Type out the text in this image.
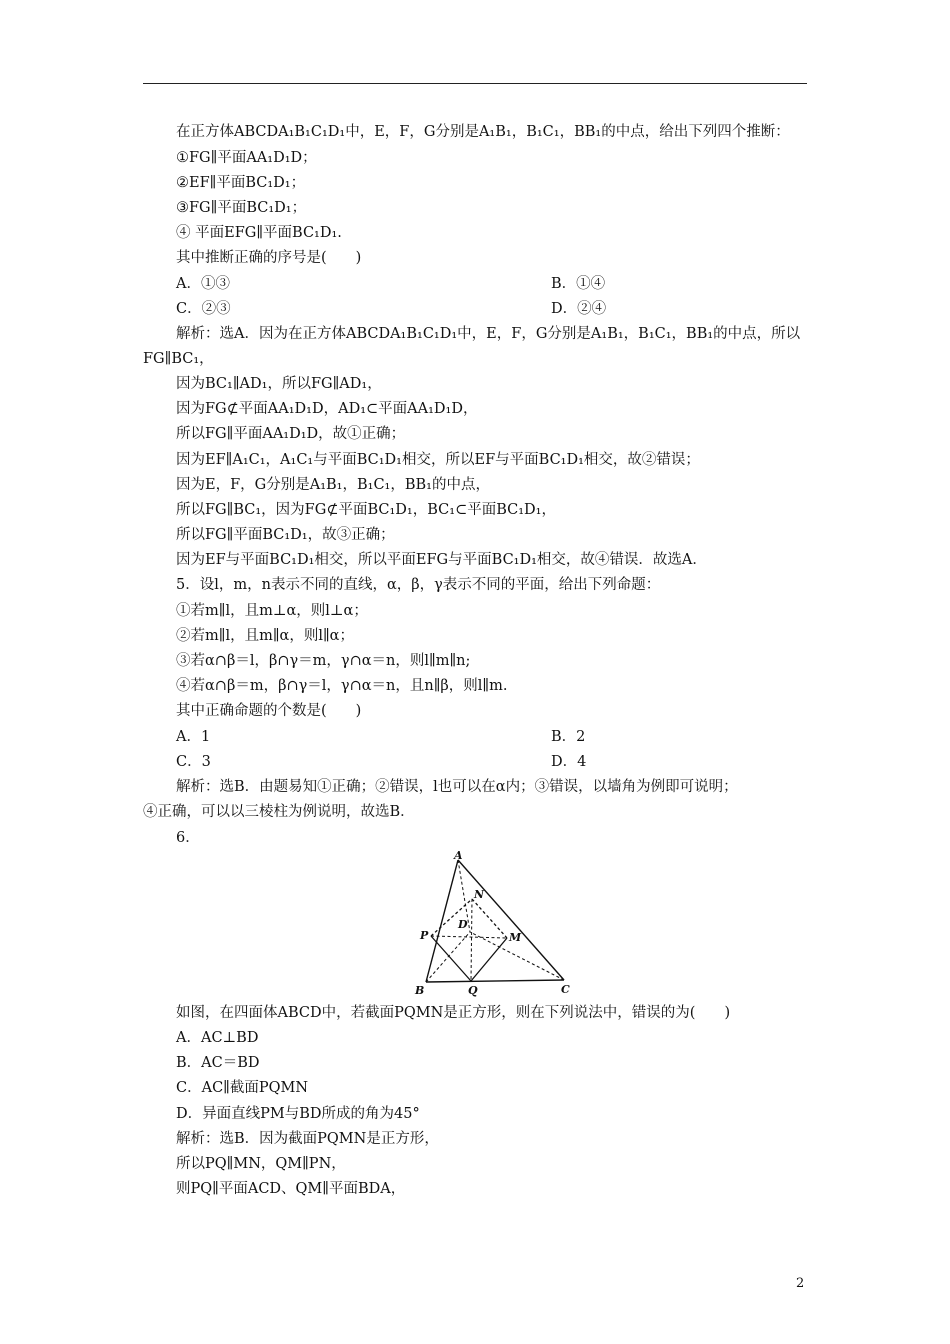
在正方体ABCDA₁B₁C₁D₁中，E，F，G分别是A₁B₁，B₁C₁，BB₁的中点，给出下列四个推断：
①FG∥平面AA₁D₁D；
②EF∥平面BC₁D₁；
③FG∥平面BC₁D₁；
④ 平面EFG∥平面BC₁D₁.
其中推断正确的序号是(　　)
A．①③	B．①④
C．②③	D．②④
解析：选A．因为在正方体ABCDA₁B₁C₁D₁中，E，F，G分别是A₁B₁，B₁C₁，BB₁的中点，所以
FG∥BC₁，
因为BC₁∥AD₁，所以FG∥AD₁，
因为FG⊄平面AA₁D₁D，AD₁⊂平面AA₁D₁D，
所以FG∥平面AA₁D₁D，故①正确；
因为EF∥A₁C₁，A₁C₁与平面BC₁D₁相交，所以EF与平面BC₁D₁相交，故②错误；
因为E，F，G分别是A₁B₁，B₁C₁，BB₁的中点，
所以FG∥BC₁，因为FG⊄平面BC₁D₁，BC₁⊂平面BC₁D₁，
所以FG∥平面BC₁D₁，故③正确；
因为EF与平面BC₁D₁相交，所以平面EFG与平面BC₁D₁相交，故④错误．故选A．
5．设l，m，n表示不同的直线，α，β，γ表示不同的平面，给出下列命题：
①若m∥l，且m⊥α，则l⊥α；
②若m∥l，且m∥α，则l∥α；
③若α∩β＝l，β∩γ＝m，γ∩α＝n，则l∥m∥n;
④若α∩β＝m，β∩γ＝l，γ∩α＝n，且n∥β，则l∥m.
其中正确命题的个数是(　　)
A．1	B．2
C．3	D．4
解析：选B．由题易知①正确；②错误，l也可以在α内；③错误，以墙角为例即可说明；
④正确，可以以三棱柱为例说明，故选B．
6．
A
N
D
P	M
B	Q	C
如图，在四面体ABCD中，若截面PQMN是正方形，则在下列说法中，错误的为(　　)
A．AC⊥BD
B．AC＝BD
C．AC∥截面PQMN
D．异面直线PM与BD所成的角为45°
解析：选B．因为截面PQMN是正方形，
所以PQ∥MN，QM∥PN，
则PQ∥平面ACD、QM∥平面BDA，
2
